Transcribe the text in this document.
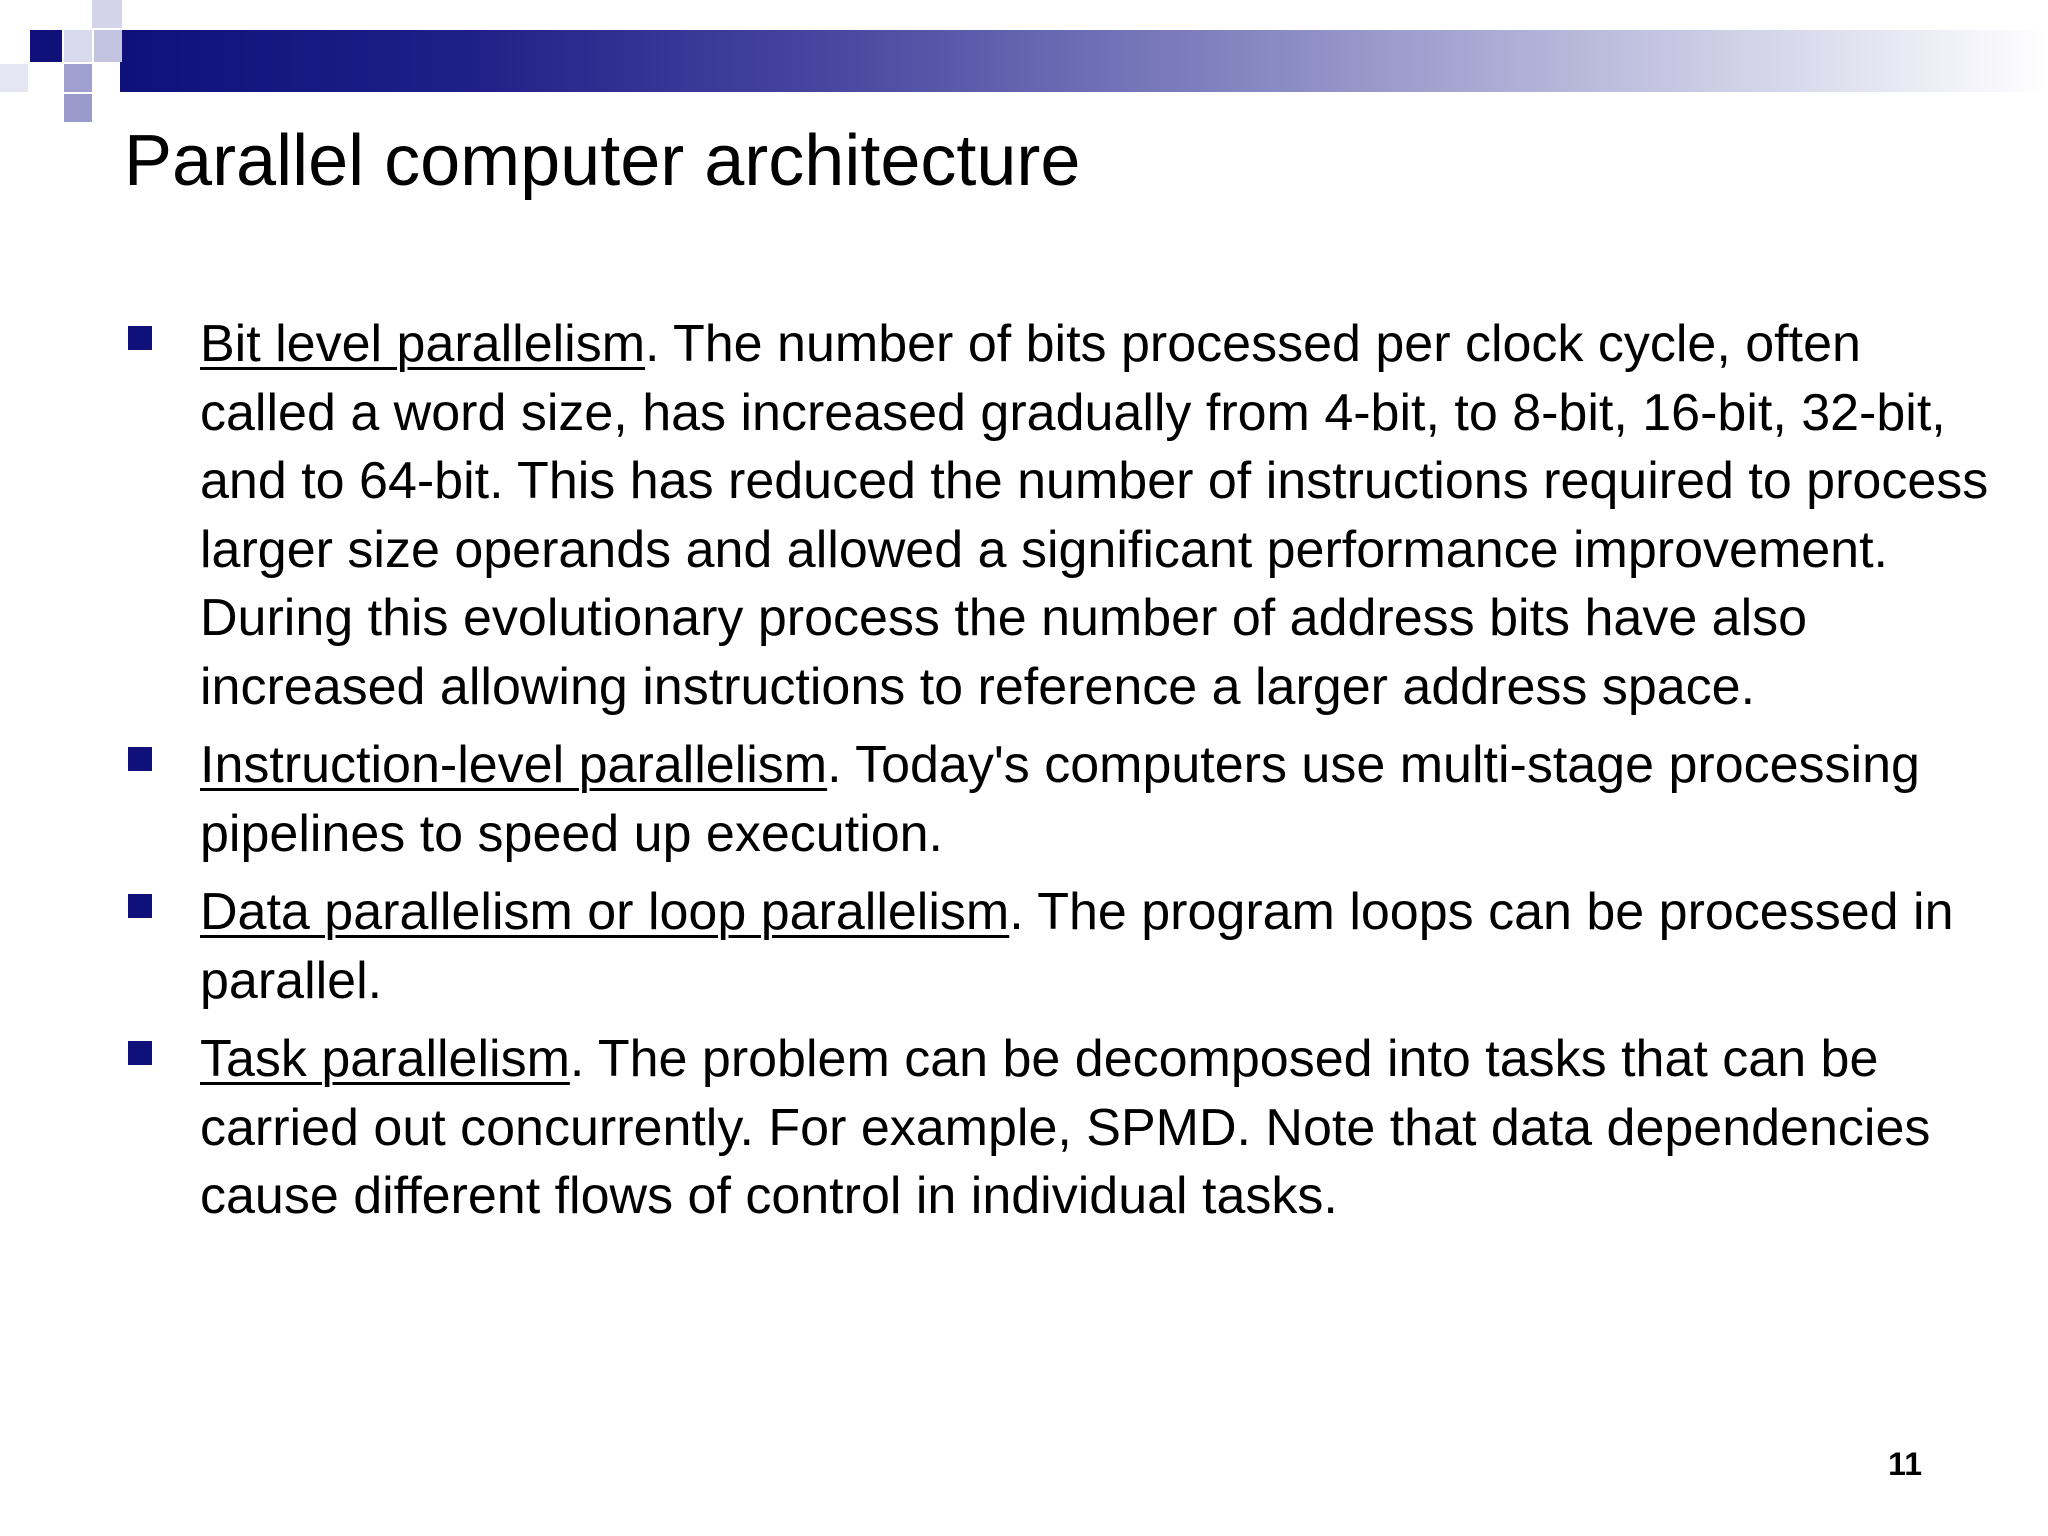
Parallel computer architecture
Bit level parallelism. The number of bits processed per clock cycle, often called a word size, has increased gradually from 4-bit, to 8-bit, 16-bit, 32-bit, and to 64-bit. This has reduced the number of instructions required to process larger size operands and allowed a significant performance improvement. During this evolutionary process the number of address bits have also increased allowing instructions to reference a larger address space.
Instruction-level parallelism. Today's computers use multi-stage processing pipelines to speed up execution.
Data parallelism or loop parallelism. The program loops can be processed in parallel.
Task parallelism. The problem can be decomposed into tasks that can be carried out concurrently. For example, SPMD. Note that data dependencies cause different flows of control in individual tasks.
11
